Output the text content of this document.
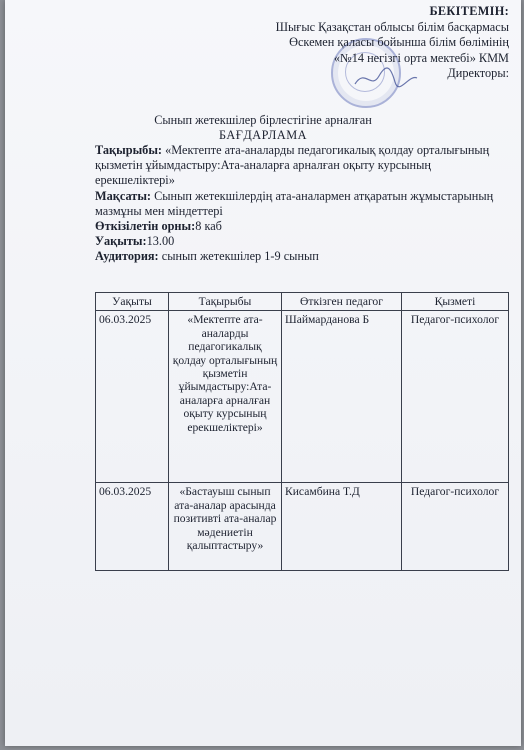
БЕКІТЕМІН:
Шығыс Қазақстан облысы білім басқармасы
Өскемен қаласы бойынша білім бөлімінің
«№14 негізгі орта мектебі» КММ
Директоры:
Сынып жетекшілер бірлестігіне арналған
БАҒДАРЛАМА

Тақырыбы: «Мектепте ата-аналарды педагогикалық қолдау орталығының қызметін ұйымдастыру:Ата-аналарға арналған оқыту курсының ерекшеліктері»

Мақсаты: Сынып жетекшілердің ата-аналармен атқаратын жұмыстарының мазмұны мен міндеттері

Өткізілетін орны:8 каб

Уақыты:13.00

Аудитория: сынып жетекшілер 1-9 сынып

Уақыты	Тақырыбы	Өткізген педагог	Қызметі
06.03.2025	«Мектепте ата-аналарды педагогикалық қолдау орталығының қызметін ұйымдастыру:Ата-аналарға арналған оқыту курсының ерекшеліктері»	Шаймарданова Б	Педагог-психолог
06.03.2025	«Бастауыш сынып ата-аналар арасында позитивті ата-аналар мәдениетін қалыптастыру»	Кисамбина Т.Д	Педагог-психолог
